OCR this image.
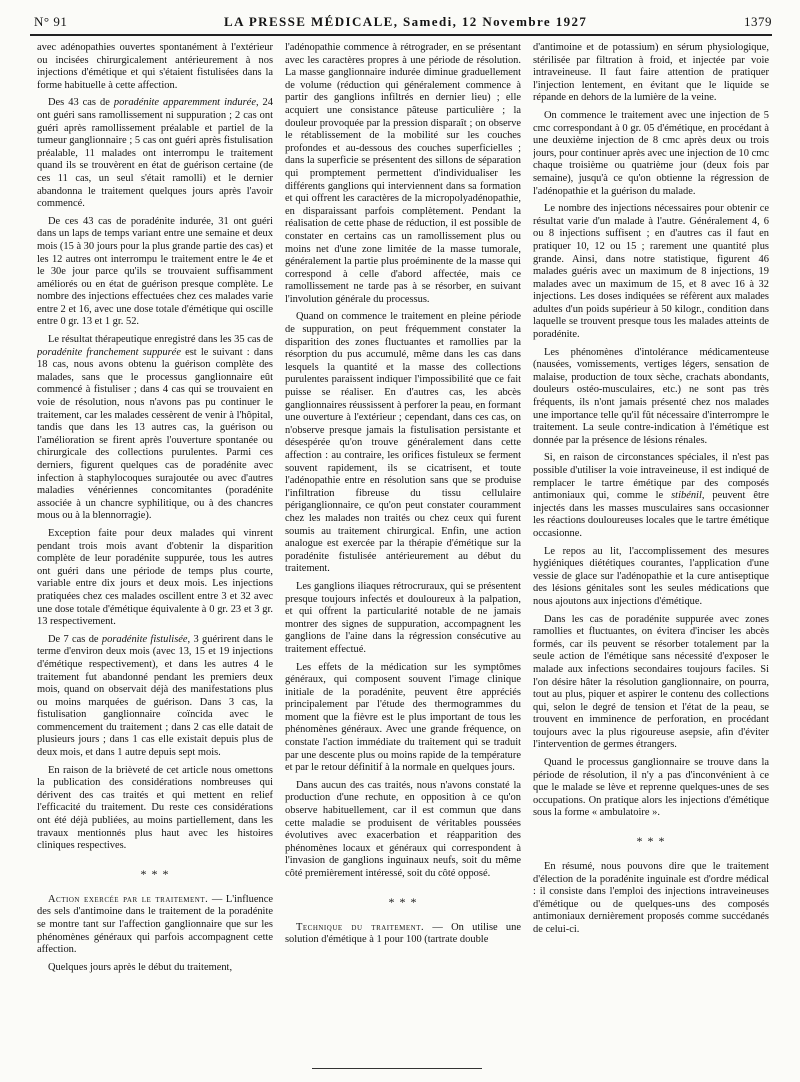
N° 91	LA PRESSE MÉDICALE, Samedi, 12 Novembre 1927	1379

avec adénopathies ouvertes spontanément à l'extérieur ou incisées chirurgicalement antérieurement à nos injections d'émétique et qui s'étaient fistulisées dans la forme habituelle à cette affection.

Des 43 cas de poradénite apparemment indurée, 24 ont guéri sans ramollissement ni suppuration ; 2 cas ont guéri après ramollissement préalable et partiel de la tumeur ganglionnaire ; 5 cas ont guéri après fistulisation préalable, 11 malades ont interrompu le traitement quand ils se trouvèrent en état de guérison certaine (de ces 11 cas, un seul s'était ramolli) et le dernier abandonna le traitement quelques jours après l'avoir commencé.

De ces 43 cas de poradénite indurée, 31 ont guéri dans un laps de temps variant entre une semaine et deux mois (15 à 30 jours pour la plus grande partie des cas) et les 12 autres ont interrompu le traitement entre le 4e et le 30e jour parce qu'ils se trouvaient suffisamment améliorés ou en état de guérison presque complète. Le nombre des injections effectuées chez ces malades varie entre 2 et 16, avec une dose totale d'émétique qui oscille entre 0 gr. 13 et 1 gr. 52.

Le résultat thérapeutique enregistré dans les 35 cas de poradénite franchement suppurée est le suivant : dans 18 cas, nous avons obtenu la guérison complète des malades, sans que le processus ganglionnaire eût commencé à fistuliser ; dans 4 cas qui se trouvaient en voie de résolution, nous n'avons pas pu continuer le traitement, car les malades cessèrent de venir à l'hôpital, tandis que dans les 13 autres cas, la guérison ou l'amélioration se firent après l'ouverture spontanée ou chirurgicale des collections purulentes. Parmi ces derniers, figurent quelques cas de poradénite avec infection à staphylocoques surajoutée ou avec d'autres maladies vénériennes concomitantes (poradénite associée à un chancre syphilitique, ou à des chancres mous ou à la blennorragie).

Exception faite pour deux malades qui vinrent pendant trois mois avant d'obtenir la disparition complète de leur poradénite suppurée, tous les autres ont guéri dans une période de temps plus courte, variable entre dix jours et deux mois. Les injections pratiquées chez ces malades oscillent entre 3 et 32 avec une dose totale d'émétique équivalente à 0 gr. 23 et 3 gr. 13 respectivement.

De 7 cas de poradénite fistulisée, 3 guérirent dans le terme d'environ deux mois (avec 13, 15 et 19 injections d'émétique respectivement), et dans les autres 4 le traitement fut abandonné pendant les premiers deux mois, quand on observait déjà des manifestations plus ou moins marquées de guérison. Dans 3 cas, la fistulisation ganglionnaire coïncida avec le commencement du traitement ; dans 2 cas elle datait de plusieurs jours ; dans 1 cas elle existait depuis plus de deux mois, et dans 1 autre depuis sept mois.

En raison de la brièveté de cet article nous omettons la publication des considérations nombreuses qui dérivent des cas traités et qui mettent en relief l'efficacité du traitement. Du reste ces considérations ont été déjà publiées, au moins partiellement, dans les travaux mentionnés plus haut avec les histoires cliniques respectives.

* * *

Action exercée par le traitement. — L'influence des sels d'antimoine dans le traitement de la poradénite se montre tant sur l'affection ganglionnaire que sur les phénomènes généraux qui parfois accompagnent cette affection.

Quelques jours après le début du traitement,

l'adénopathie commence à rétrograder, en se présentant avec les caractères propres à une période de résolution. La masse ganglionnaire indurée diminue graduellement de volume (réduction qui généralement commence à partir des ganglions infiltrés en dernier lieu) ; elle acquiert une consistance pâteuse particulière ; la douleur provoquée par la pression disparaît ; on observe le rétablissement de la mobilité sur les couches profondes et au-dessous des couches superficielles ; dans la superficie se présentent des sillons de séparation qui promptement permettent d'individualiser les différents ganglions qui interviennent dans sa formation et qui offrent les caractères de la micropolyadénopathie, en disparaissant parfois complètement. Pendant la réalisation de cette phase de réduction, il est possible de constater en certains cas un ramollissement plus ou moins net d'une zone limitée de la masse tumorale, généralement la partie plus proéminente de la masse qui correspond à celle d'abord affectée, mais ce ramollissement ne tarde pas à se résorber, en suivant l'involution générale du processus.

Quand on commence le traitement en pleine période de suppuration, on peut fréquemment constater la disparition des zones fluctuantes et ramollies par la résorption du pus accumulé, même dans les cas dans lesquels la quantité et la masse des collections purulentes paraissent indiquer l'impossibilité que ce fait puisse se réaliser. En d'autres cas, les abcès ganglionnaires réussissent à perforer la peau, en formant une ouverture à l'extérieur ; cependant, dans ces cas, on n'observe presque jamais la fistulisation persistante et désespérée qu'on trouve généralement dans cette affection : au contraire, les orifices fistuleux se ferment souvent rapidement, ils se cicatrisent, et toute l'adénopathie entre en résolution sans que se produise l'infiltration fibreuse du tissu cellulaire périganglionnaire, ce qu'on peut constater couramment chez les malades non traités ou chez ceux qui furent soumis au traitement chirurgical. Enfin, une action analogue est exercée par la thérapie d'émétique sur la poradénite fistulisée antérieurement au début du traitement.

Les ganglions iliaques rétrocruraux, qui se présentent presque toujours infectés et douloureux à la palpation, et qui offrent la particularité notable de ne jamais montrer des signes de suppuration, accompagnent les ganglions de l'aine dans la régression consécutive au traitement effectué.

Les effets de la médication sur les symptômes généraux, qui composent souvent l'image clinique initiale de la poradénite, peuvent être appréciés principalement par l'étude des thermogrammes du moment que la fièvre est le plus important de tous les phénomènes généraux. Avec une grande fréquence, on constate l'action immédiate du traitement qui se traduit par une descente plus ou moins rapide de la température et par le retour définitif à la normale en quelques jours.

Dans aucun des cas traités, nous n'avons constaté la production d'une rechute, en opposition à ce qu'on observe habituellement, car il est commun que dans cette maladie se produisent de véritables poussées évolutives avec exacerbation et réapparition des phénomènes locaux et généraux qui correspondent à l'invasion de ganglions inguinaux neufs, soit du même côté premièrement intéressé, soit du côté opposé.

* * *

Technique du traitement. — On utilise une solution d'émétique à 1 pour 100 (tartrate double

d'antimoine et de potassium) en sérum physiologique, stérilisée par filtration à froid, et injectée par voie intraveineuse. Il faut faire attention de pratiquer l'injection lentement, en évitant que le liquide se répande en dehors de la lumière de la veine.

On commence le traitement avec une injection de 5 cmc correspondant à 0 gr. 05 d'émétique, en procédant à une deuxième injection de 8 cmc après deux ou trois jours, pour continuer après avec une injection de 10 cmc chaque troisième ou quatrième jour (deux fois par semaine), jusqu'à ce qu'on obtienne la régression de l'adénopathie et la guérison du malade.

Le nombre des injections nécessaires pour obtenir ce résultat varie d'un malade à l'autre. Généralement 4, 6 ou 8 injections suffisent ; en d'autres cas il faut en pratiquer 10, 12 ou 15 ; rarement une quantité plus grande. Ainsi, dans notre statistique, figurent 46 malades guéris avec un maximum de 8 injections, 19 malades avec un maximum de 15, et 8 avec 16 à 32 injections. Les doses indiquées se réfèrent aux malades adultes d'un poids supérieur à 50 kilogr., condition dans laquelle se trouvent presque tous les malades atteints de poradénite.

Les phénomènes d'intolérance médicamenteuse (nausées, vomissements, vertiges légers, sensation de malaise, production de toux sèche, crachats abondants, douleurs ostéo-musculaires, etc.) ne sont pas très fréquents, ils n'ont jamais présenté chez nos malades une importance telle qu'il fût nécessaire d'interrompre le traitement. La seule contre-indication à l'émétique est donnée par la présence de lésions rénales.

Si, en raison de circonstances spéciales, il n'est pas possible d'utiliser la voie intraveineuse, il est indiqué de remplacer le tartre émétique par des composés antimoniaux qui, comme le stibénil, peuvent être injectés dans les masses musculaires sans occasionner les réactions douloureuses locales que le tartre émétique occasionne.

Le repos au lit, l'accomplissement des mesures hygiéniques diététiques courantes, l'application d'une vessie de glace sur l'adénopathie et la cure antiseptique des lésions génitales sont les seules médications que nous ajoutons aux injections d'émétique.

Dans les cas de poradénite suppurée avec zones ramollies et fluctuantes, on évitera d'inciser les abcès formés, car ils peuvent se résorber totalement par la seule action de l'émétique sans nécessité d'exposer le malade aux infections secondaires toujours faciles. Si l'on désire hâter la résolution ganglionnaire, on pourra, tout au plus, piquer et aspirer le contenu des collections qui, selon le degré de tension et l'état de la peau, se trouvent en imminence de perforation, en procédant toujours avec la plus rigoureuse asepsie, afin d'éviter l'intervention de germes étrangers.

Quand le processus ganglionnaire se trouve dans la période de résolution, il n'y a pas d'inconvénient à ce que le malade se lève et reprenne quelques-unes de ses occupations. On pratique alors les injections d'émétique sous la forme « ambulatoire ».

* * *

En résumé, nous pouvons dire que le traitement d'élection de la poradénite inguinale est d'ordre médical : il consiste dans l'emploi des injections intraveineuses d'émétique ou de quelques-uns des composés antimoniaux dernièrement proposés comme succédanés de celui-ci.
